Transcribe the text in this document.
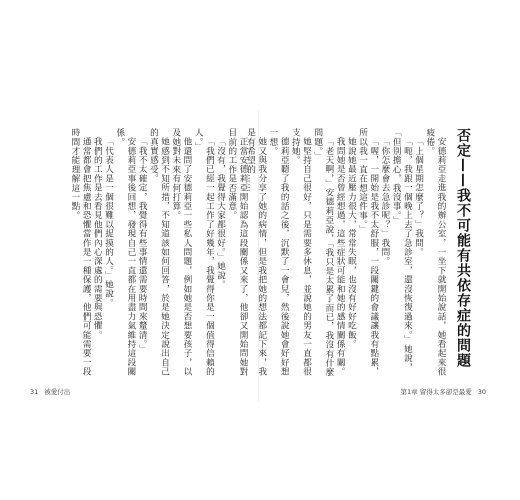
正當安德莉亞開始認為這段關係又來了，他卻又開始問她對目前的工作是否滿意。

「沒有，我覺得大家都很好。」她說。

「我們已經一起工作了好幾年，我覺得你是一個值得信賴的人。」

他還問了安德莉亞一些私人問題，例如她是否想要孩子，以及她對未來有何打算。

她感到不知所措，不知道該如何回答，於是她決定說出自己的真實感受。

「我不太確定，我覺得有些事情還需要時間來釐清。」

安德莉亞事後回想，發現自己一直都在用盡力氣維持這段關係。

「代表人是一個很難以捉摸的人。」她說。

我們的工作是去看見他們內心深處的需要與恐懼。

通常都會把焦慮和恐懼當作是一種保護，他們可能需要一段時間才能理解這一點。

31 被愛付出
否定——我不可能有共依存症的問題

安德莉亞走進我的辦公室，一坐下就開始說話，她看起來很疲倦。

「上個星期怎麼了？」我問。

「呃，我跟一個晚上去了急診室，還沒恢復過來。」她說，「但別擔心，我沒事。」

「你怎麼會去急診呢？」我問。

「喔，一開始是我不太舒服，一段關鍵的會議讓我有點累，所以我一直在想這件事。」

她說她最近壓力很大，常常失眠，也沒有好好吃飯。

我問她是否曾經想過，這些症狀可能和她的感情關係有關。

「老天啊，」安德莉亞說，「我只是太累了而已，我沒有什麼問題。」

她堅持自己很好，只是需要多休息，並說她的男友一直都很支持她。

德莉亞聽了我的話之後，沉默了一會兒，然後說她會好好想一想。

她又與我分享了她的病情，但是我把她的想法都記下來，我是有希望的……

第1章 留得太多卻是最愛 30
